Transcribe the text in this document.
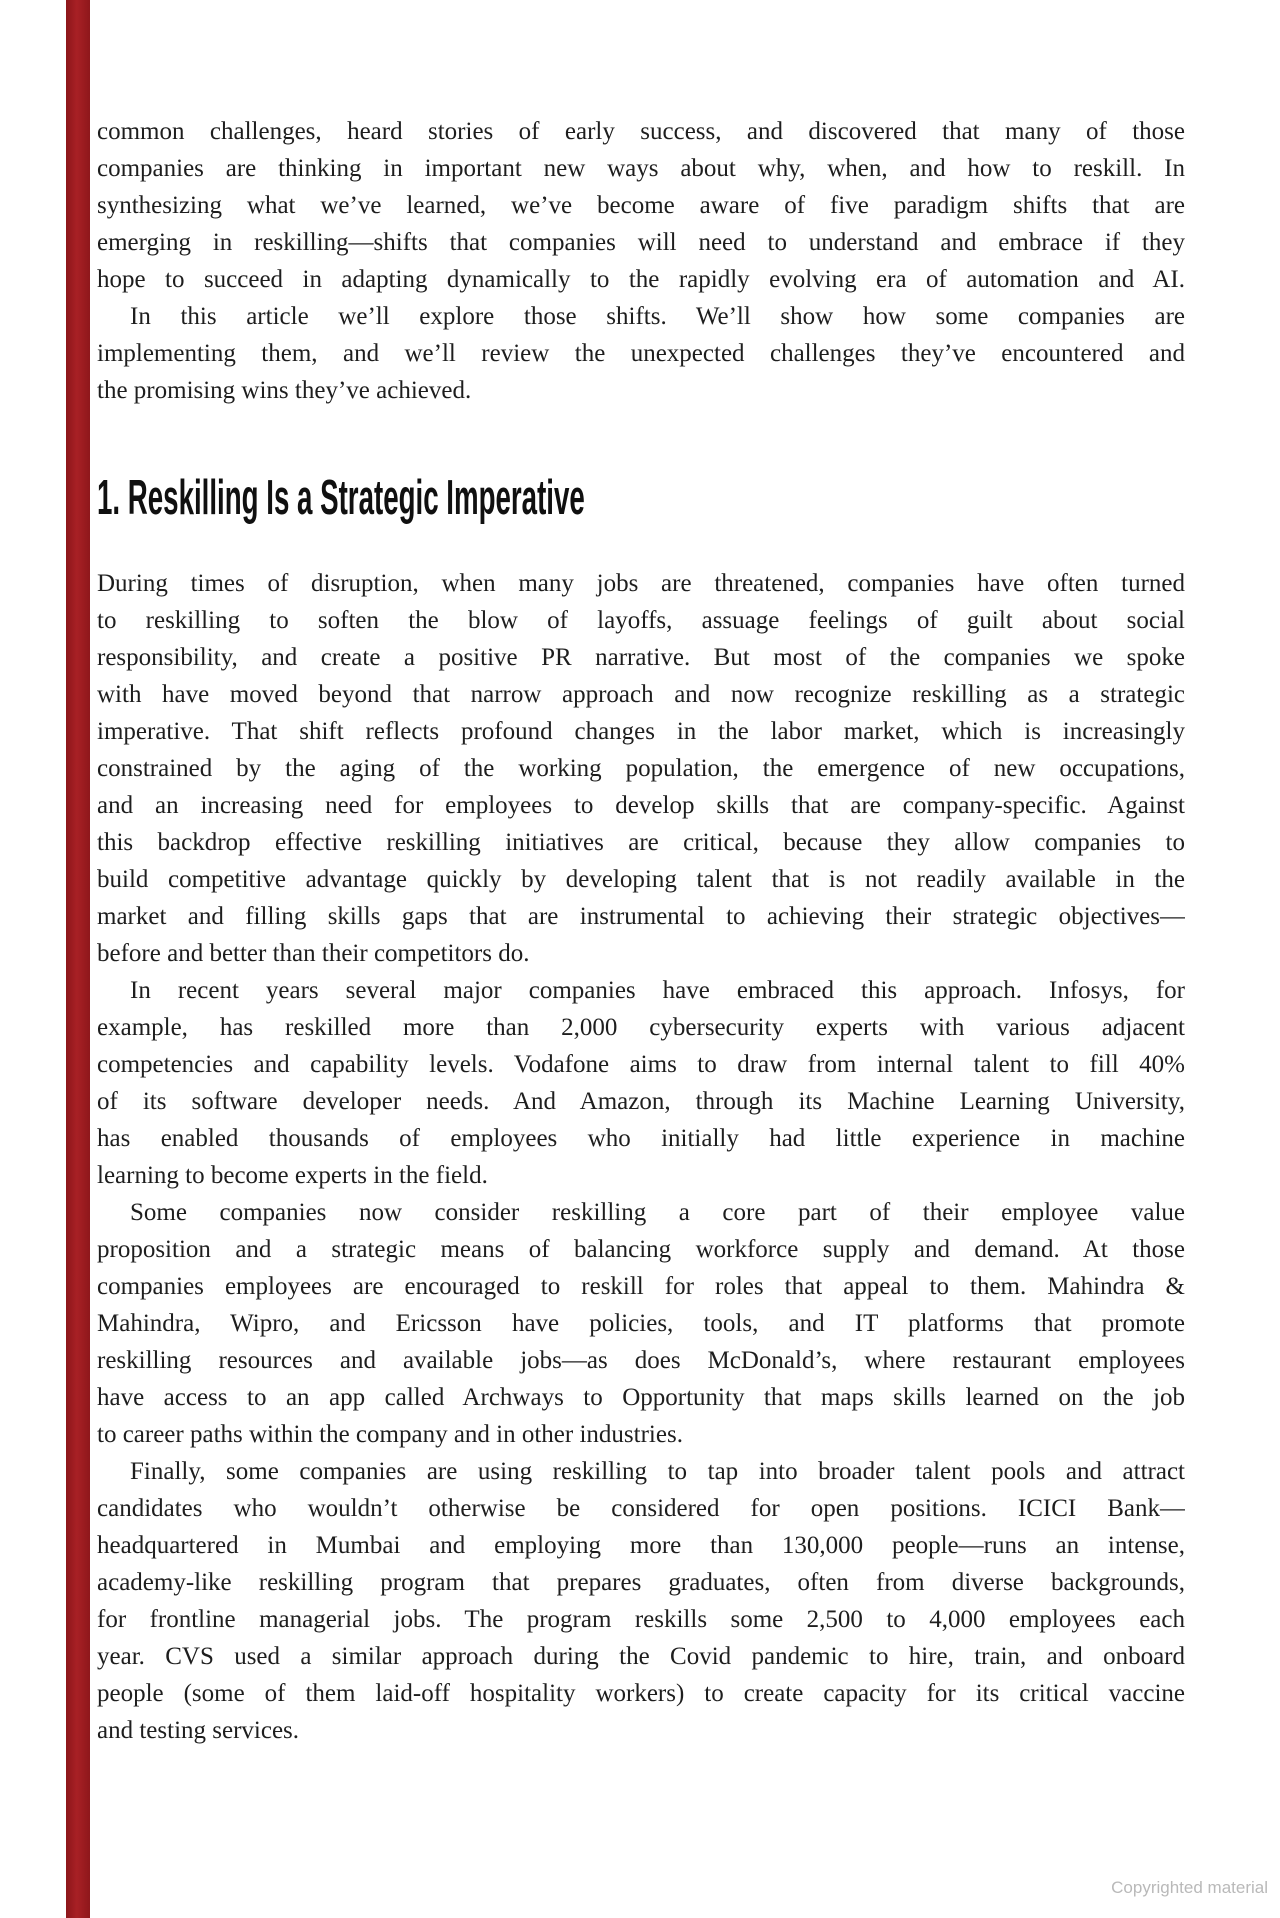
common challenges, heard stories of early success, and discovered that many of those
companies are thinking in important new ways about why, when, and how to reskill. In
synthesizing what we’ve learned, we’ve become aware of five paradigm shifts that are
emerging in reskilling—shifts that companies will need to understand and embrace if they
hope to succeed in adapting dynamically to the rapidly evolving era of automation and AI.
In this article we’ll explore those shifts. We’ll show how some companies are
implementing them, and we’ll review the unexpected challenges they’ve encountered and
the promising wins they’ve achieved.
1. Reskilling Is a Strategic Imperative
During times of disruption, when many jobs are threatened, companies have often turned
to reskilling to soften the blow of layoffs, assuage feelings of guilt about social
responsibility, and create a positive PR narrative. But most of the companies we spoke
with have moved beyond that narrow approach and now recognize reskilling as a strategic
imperative. That shift reflects profound changes in the labor market, which is increasingly
constrained by the aging of the working population, the emergence of new occupations,
and an increasing need for employees to develop skills that are company-specific. Against
this backdrop effective reskilling initiatives are critical, because they allow companies to
build competitive advantage quickly by developing talent that is not readily available in the
market and filling skills gaps that are instrumental to achieving their strategic objectives—
before and better than their competitors do.
In recent years several major companies have embraced this approach. Infosys, for
example, has reskilled more than 2,000 cybersecurity experts with various adjacent
competencies and capability levels. Vodafone aims to draw from internal talent to fill 40%
of its software developer needs. And Amazon, through its Machine Learning University,
has enabled thousands of employees who initially had little experience in machine
learning to become experts in the field.
Some companies now consider reskilling a core part of their employee value
proposition and a strategic means of balancing workforce supply and demand. At those
companies employees are encouraged to reskill for roles that appeal to them. Mahindra &
Mahindra, Wipro, and Ericsson have policies, tools, and IT platforms that promote
reskilling resources and available jobs—as does McDonald’s, where restaurant employees
have access to an app called Archways to Opportunity that maps skills learned on the job
to career paths within the company and in other industries.
Finally, some companies are using reskilling to tap into broader talent pools and attract
candidates who wouldn’t otherwise be considered for open positions. ICICI Bank—
headquartered in Mumbai and employing more than 130,000 people—runs an intense,
academy-like reskilling program that prepares graduates, often from diverse backgrounds,
for frontline managerial jobs. The program reskills some 2,500 to 4,000 employees each
year. CVS used a similar approach during the Covid pandemic to hire, train, and onboard
people (some of them laid-off hospitality workers) to create capacity for its critical vaccine
and testing services.
Copyrighted material
